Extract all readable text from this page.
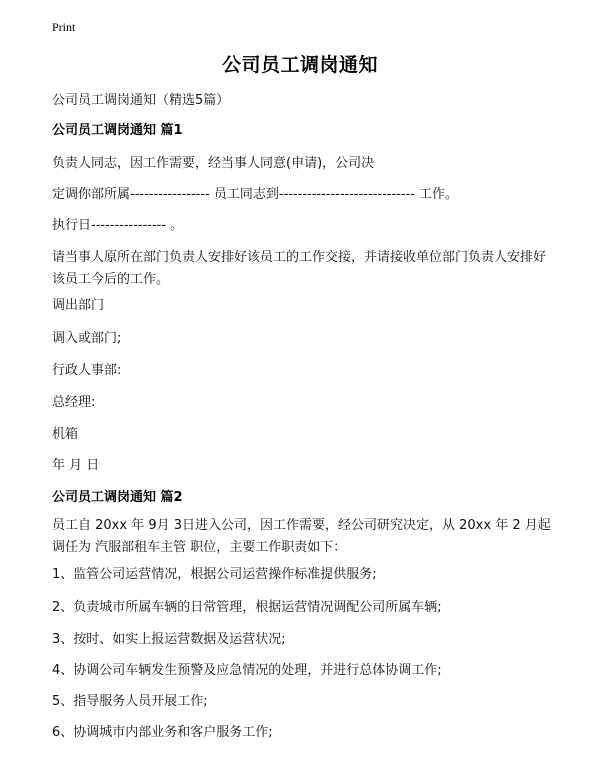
Print
公司员工调岗通知
公司员工调岗通知（精选5篇）
公司员工调岗通知 篇1
负责人同志，因工作需要，经当事人同意(申请)，公司决
定调你部所属----------------- 员工同志到----------------------------- 工作。
执行日---------------- 。
请当事人原所在部门负责人安排好该员工的工作交接，并请接收单位部门负责人安排好该员工今后的工作。
调出部门
调入或部门;
行政人事部:
总经理:
机箱
年 月 日
公司员工调岗通知 篇2
员工自 20xx 年 9月 3日进入公司，因工作需要，经公司研究决定，从 20xx 年 2 月起调任为 汽服部租车主管 职位，主要工作职责如下：
1、监管公司运营情况，根据公司运营操作标准提供服务;
2、负责城市所属车辆的日常管理，根据运营情况调配公司所属车辆;
3、按时、如实上报运营数据及运营状况;
4、协调公司车辆发生预警及应急情况的处理，并进行总体协调工作;
5、指导服务人员开展工作;
6、协调城市内部业务和客户服务工作;
